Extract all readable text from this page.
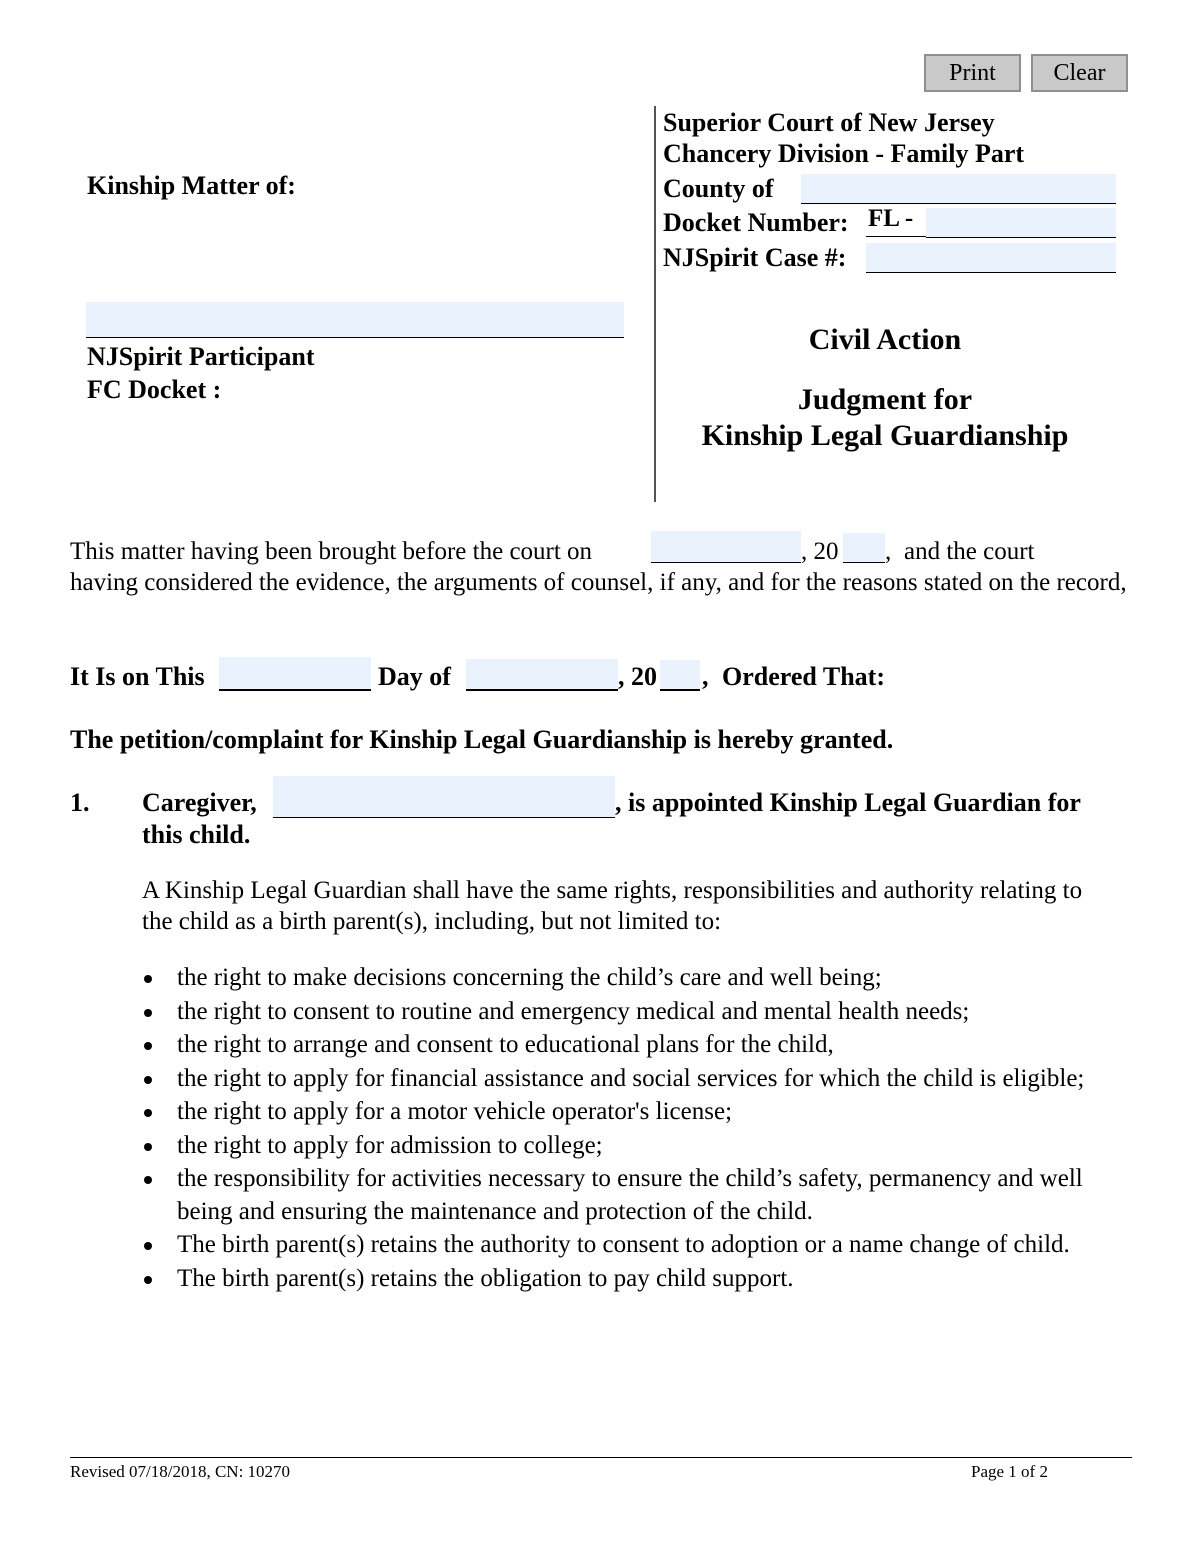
Print	Clear
Kinship Matter of:
NJSpirit Participant
FC Docket :
Superior Court of New Jersey
Chancery Division - Family Part
County of
Docket Number: FL -
NJSpirit Case #:
Civil Action
Judgment for
Kinship Legal Guardianship
This matter having been brought before the court on	, 20 , and the court
having considered the evidence, the arguments of counsel, if any, and for the reasons stated on the record,
It Is on This	Day of	, 20 , Ordered That:
The petition/complaint for Kinship Legal Guardianship is hereby granted.
1. Caregiver,	, is appointed Kinship Legal Guardian for
this child.
A Kinship Legal Guardian shall have the same rights, responsibilities and authority relating to the child as a birth parent(s), including, but not limited to:
the right to make decisions concerning the child’s care and well being;
the right to consent to routine and emergency medical and mental health needs;
the right to arrange and consent to educational plans for the child,
the right to apply for financial assistance and social services for which the child is eligible;
the right to apply for a motor vehicle operator's license;
the right to apply for admission to college;
the responsibility for activities necessary to ensure the child’s safety, permanency and well being and ensuring the maintenance and protection of the child.
The birth parent(s) retains the authority to consent to adoption or a name change of child.
The birth parent(s) retains the obligation to pay child support.
Revised 07/18/2018, CN: 10270	Page 1 of 2
